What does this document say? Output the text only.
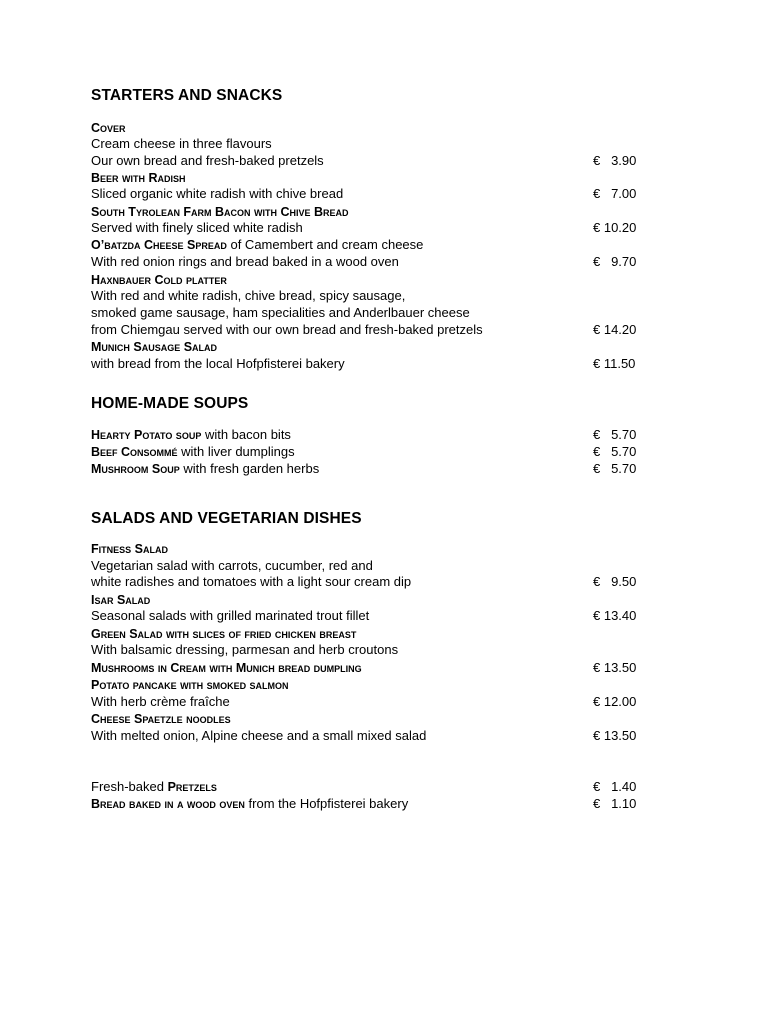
STARTERS AND SNACKS
Cover
Cream cheese in three flavours
Our own bread and fresh-baked pretzels	€   3.90
Beer with Radish
Sliced organic white radish with chive bread	€   7.00
South Tyrolean Farm Bacon with Chive Bread
Served with finely sliced white radish	€ 10.20
O’batzda Cheese Spread of Camembert and cream cheese
With red onion rings and bread baked in a wood oven	€   9.70
Haxnbauer Cold platter
With red and white radish, chive bread, spicy sausage,
smoked game sausage, ham specialities and Anderlbauer cheese
from Chiemgau served with our own bread and fresh-baked pretzels	€ 14.20
Munich Sausage Salad
with bread from the local Hofpfisterei bakery	€ 11.50
HOME-MADE SOUPS
Hearty Potato soup with bacon bits	€   5.70
Beef Consommé with liver dumplings	€   5.70
Mushroom Soup with fresh garden herbs	€   5.70
SALADS AND VEGETARIAN DISHES
Fitness Salad
Vegetarian salad with carrots, cucumber, red and
white radishes and tomatoes with a light sour cream dip	€   9.50
Isar Salad
Seasonal salads with grilled marinated trout fillet	€ 13.40
Green Salad with slices of fried chicken breast
With balsamic dressing, parmesan and herb croutons
Mushrooms in Cream with Munich bread dumpling	€ 13.50
Potato pancake with smoked salmon
With herb crème fraîche	€ 12.00
Cheese Spaetzle noodles
With melted onion, Alpine cheese and a small mixed salad	€ 13.50
Fresh-baked Pretzels	€   1.40
Bread baked in a wood oven from the Hofpfisterei bakery	€   1.10
